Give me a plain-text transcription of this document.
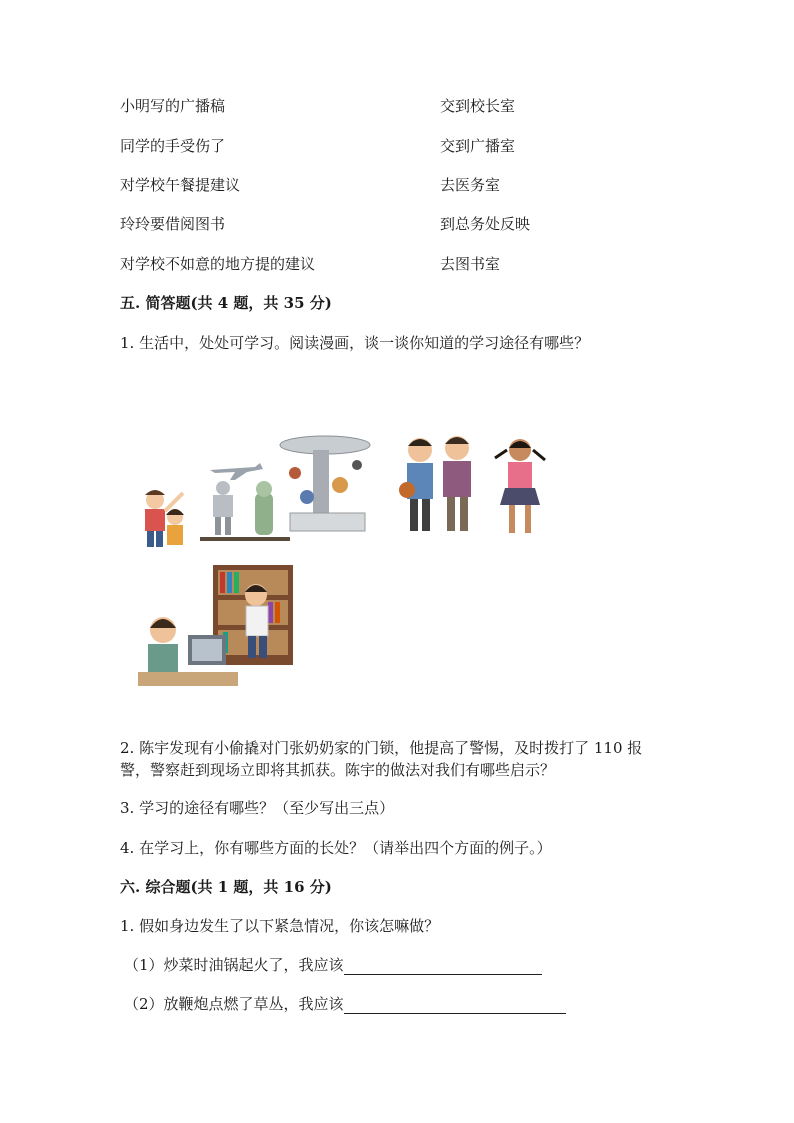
小明写的广播稿	交到校长室
同学的手受伤了	交到广播室
对学校午餐提建议	去医务室
玲玲要借阅图书	到总务处反映
对学校不如意的地方提的建议	去图书室
五. 简答题(共 4 题，共 35 分)
1. 生活中，处处可学习。阅读漫画，谈一谈你知道的学习途径有哪些？
2. 陈宇发现有小偷撬对门张奶奶家的门锁，他提高了警惕，及时拨打了 110 报
警，警察赶到现场立即将其抓获。陈宇的做法对我们有哪些启示？
3. 学习的途径有哪些？（至少写出三点）
4. 在学习上，你有哪些方面的长处？（请举出四个方面的例子。）
六. 综合题(共 1 题，共 16 分)
1. 假如身边发生了以下紧急情况，你该怎嘛做？
（1）炒菜时油锅起火了，我应该
（2）放鞭炮点燃了草丛，我应该
